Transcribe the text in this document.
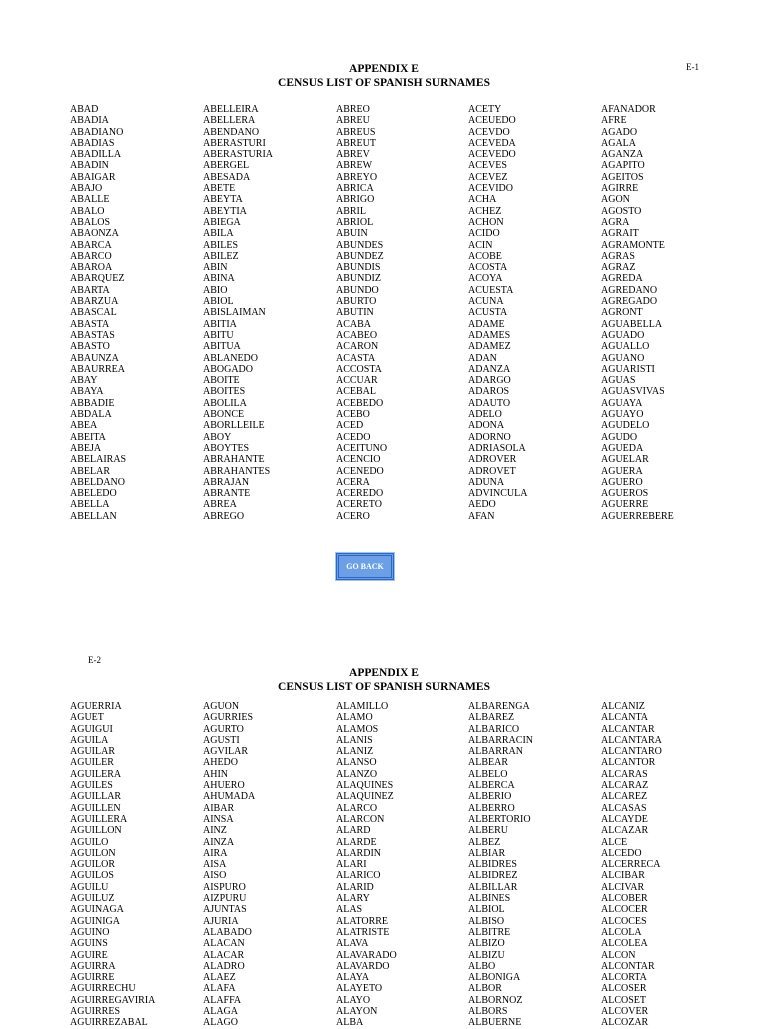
E-1
APPENDIX E
CENSUS LIST OF SPANISH SURNAMES
ABAD
ABADIA
ABADIANO
ABADIAS
ABADILLA
ABADIN
ABAIGAR
ABAJO
ABALLE
ABALO
ABALOS
ABAONZA
ABARCA
ABARCO
ABAROA
ABARQUEZ
ABARTA
ABARZUA
ABASCAL
ABASTA
ABASTAS
ABASTO
ABAUNZA
ABAURREA
ABAY
ABAYA
ABBADIE
ABDALA
ABEA
ABEITA
ABEJA
ABELAIRAS
ABELAR
ABELDANO
ABELEDO
ABELLA
ABELLAN
ABELLEIRA
ABELLERA
ABENDANO
ABERASTURI
ABERASTURIA
ABERGEL
ABESADA
ABETE
ABEYTA
ABEYTIA
ABIEGA
ABILA
ABILES
ABILEZ
ABIN
ABINA
ABIO
ABIOL
ABISLAIMAN
ABITIA
ABITU
ABITUA
ABLANEDO
ABOGADO
ABOITE
ABOITES
ABOLILA
ABONCE
ABORLLEILE
ABOY
ABOYTES
ABRAHANTE
ABRAHANTES
ABRAJAN
ABRANTE
ABREA
ABREGO
ABREO
ABREU
ABREUS
ABREUT
ABREV
ABREW
ABREYO
ABRICA
ABRIGO
ABRIL
ABRIOL
ABUIN
ABUNDES
ABUNDEZ
ABUNDIS
ABUNDIZ
ABUNDO
ABURTO
ABUTIN
ACABA
ACABEO
ACARON
ACASTA
ACCOSTA
ACCUAR
ACEBAL
ACEBEDO
ACEBO
ACED
ACEDO
ACEITUNO
ACENCIO
ACENEDO
ACERA
ACEREDO
ACERETO
ACERO
ACETY
ACEUEDO
ACEVDO
ACEVEDA
ACEVEDO
ACEVES
ACEVEZ
ACEVIDO
ACHA
ACHEZ
ACHON
ACIDO
ACIN
ACOBE
ACOSTA
ACOYA
ACUESTA
ACUNA
ACUSTA
ADAME
ADAMES
ADAMEZ
ADAN
ADANZA
ADARGO
ADAROS
ADAUTO
ADELO
ADONA
ADORNO
ADRIASOLA
ADROVER
ADROVET
ADUNA
ADVINCULA
AEDO
AFAN
AFANADOR
AFRE
AGADO
AGALA
AGANZA
AGAPITO
AGEITOS
AGIRRE
AGON
AGOSTO
AGRA
AGRAIT
AGRAMONTE
AGRAS
AGRAZ
AGREDA
AGREDANO
AGREGADO
AGRONT
AGUABELLA
AGUADO
AGUALLO
AGUANO
AGUARISTI
AGUAS
AGUASVIVAS
AGUAYA
AGUAYO
AGUDELO
AGUDO
AGUEDA
AGUELAR
AGUERA
AGUERO
AGUEROS
AGUERRE
AGUERREBERE
GO BACK
E-2
APPENDIX E
CENSUS LIST OF SPANISH SURNAMES
AGUERRIA
AGUET
AGUIGUI
AGUILA
AGUILAR
AGUILER
AGUILERA
AGUILES
AGUILLAR
AGUILLEN
AGUILLERA
AGUILLON
AGUILO
AGUILON
AGUILOR
AGUILOS
AGUILU
AGUILUZ
AGUINAGA
AGUINIGA
AGUINO
AGUINS
AGUIRE
AGUIRRA
AGUIRRE
AGUIRRECHU
AGUIRREGAVIRIA
AGUIRRES
AGUIRREZABAL
AGUON
AGURRIES
AGURTO
AGUSTI
AGVILAR
AHEDO
AHIN
AHUERO
AHUMADA
AIBAR
AINSA
AINZ
AINZA
AIRA
AISA
AISO
AISPURO
AIZPURU
AJUNTAS
AJURIA
ALABADO
ALACAN
ALACAR
ALADRO
ALAEZ
ALAFA
ALAFFA
ALAGA
ALAGO
ALAMILLO
ALAMO
ALAMOS
ALANIS
ALANIZ
ALANSO
ALANZO
ALAQUINES
ALAQUINEZ
ALARCO
ALARCON
ALARD
ALARDE
ALARDIN
ALARI
ALARICO
ALARID
ALARY
ALAS
ALATORRE
ALATRISTE
ALAVA
ALAVARADO
ALAVARDO
ALAYA
ALAYETO
ALAYO
ALAYON
ALBA
ALBARENGA
ALBAREZ
ALBARICO
ALBARRACIN
ALBARRAN
ALBEAR
ALBELO
ALBERCA
ALBERIO
ALBERRO
ALBERTORIO
ALBERU
ALBEZ
ALBIAR
ALBIDRES
ALBIDREZ
ALBILLAR
ALBINES
ALBIOL
ALBISO
ALBITRE
ALBIZO
ALBIZU
ALBO
ALBONIGA
ALBOR
ALBORNOZ
ALBORS
ALBUERNE
ALCANIZ
ALCANTA
ALCANTAR
ALCANTARA
ALCANTARO
ALCANTOR
ALCARAS
ALCARAZ
ALCAREZ
ALCASAS
ALCAYDE
ALCAZAR
ALCE
ALCEDO
ALCERRECA
ALCIBAR
ALCIVAR
ALCOBER
ALCOCER
ALCOCES
ALCOLA
ALCOLEA
ALCON
ALCONTAR
ALCORTA
ALCOSER
ALCOSET
ALCOVER
ALCOZAR
